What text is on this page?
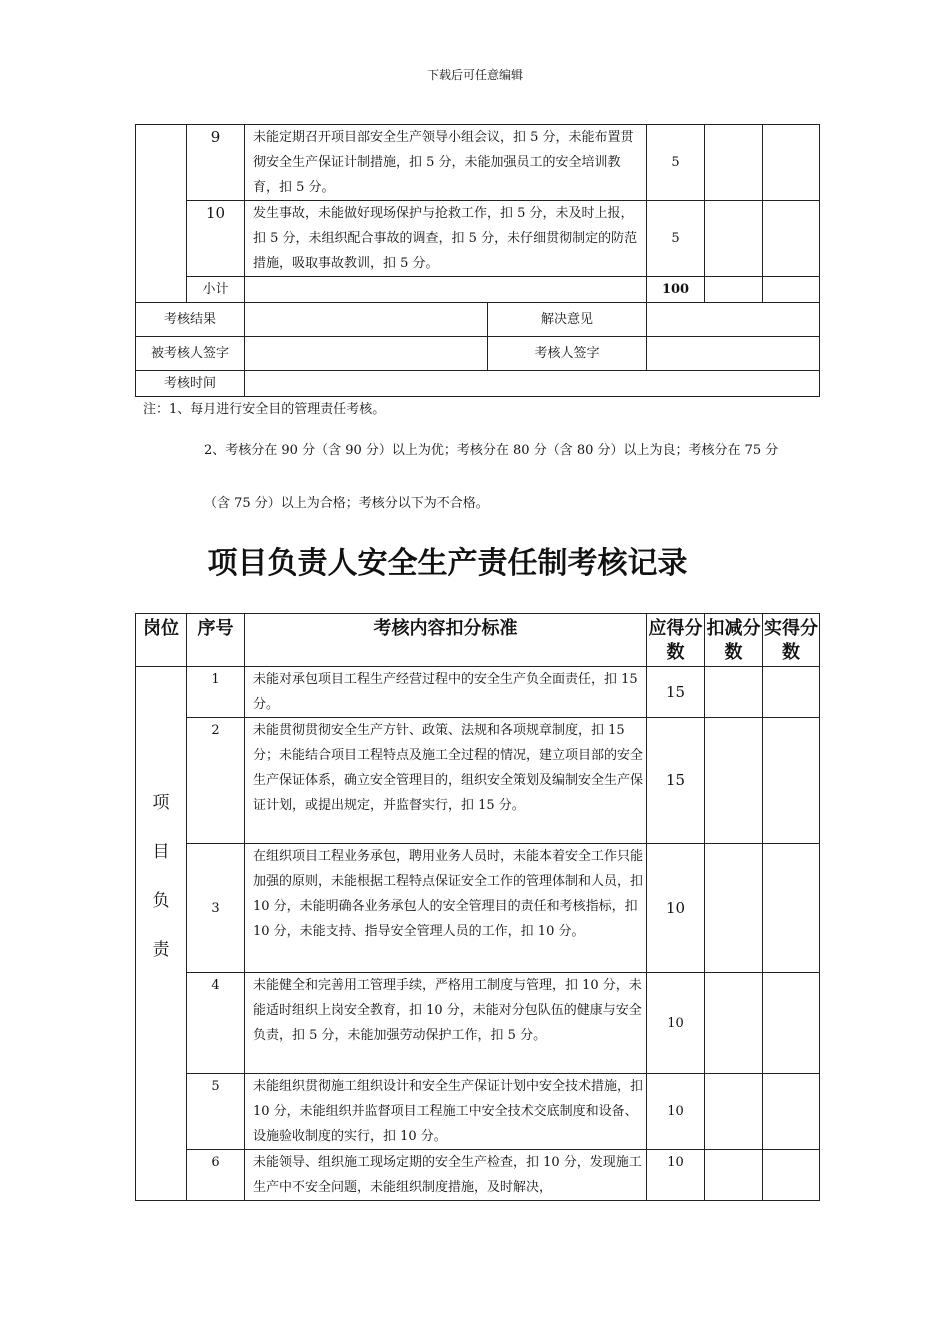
下载后可任意编辑
	9	未能定期召开项目部安全生产领导小组会议，扣 5 分，未能布置贯彻安全生产保证计制措施，扣 5 分，未能加强员工的安全培训教育，扣 5 分。		5		
	10	发生事故，未能做好现场保护与抢救工作，扣 5 分，未及时上报，扣 5 分，未组织配合事故的调查，扣 5 分，未仔细贯彻制定的防范措施，吸取事故教训，扣 5 分。		5		
	小计			100		
考核结果			解决意见			
被考核人签字			考核人签字			
考核时间						
注：1、每月进行安全目的管理责任考核。
2、考核分在 90 分（含 90 分）以上为优；考核分在 80 分（含 80 分）以上为良；考核分在 75 分
（含 75 分）以上为合格；考核分以下为不合格。
项目负责人安全生产责任制考核记录
岗位	序号	考核内容扣分标准	应得分数	扣减分数	实得分数

项目负责	1	未能对承包项目工程生产经营过程中的安全生产负全面责任，扣 15 分。	15		
	2	未能贯彻贯彻安全生产方针、政策、法规和各项规章制度，扣 15 分；未能结合项目工程特点及施工全过程的情况，建立项目部的安全生产保证体系，确立安全管理目的，组织安全策划及编制安全生产保证计划，或提出规定，并监督实行，扣 15 分。	15		
	3	在组织项目工程业务承包，聘用业务人员时，未能本着安全工作只能加强的原则，未能根据工程特点保证安全工作的管理体制和人员，扣 10 分，未能明确各业务承包人的安全管理目的责任和考核指标，扣 10 分，未能支持、指导安全管理人员的工作，扣 10 分。	10		
	4	未能健全和完善用工管理手续，严格用工制度与管理，扣 10 分，未能适时组织上岗安全教育，扣 10 分，未能对分包队伍的健康与安全负责，扣 5 分，未能加强劳动保护工作，扣 5 分。	10		
	5	未能组织贯彻施工组织设计和安全生产保证计划中安全技术措施，扣 10 分，未能组织并监督项目工程施工中安全技术交底制度和设备、设施验收制度的实行，扣 10 分。	10		
	6	未能领导、组织施工现场定期的安全生产检查，扣 10 分，发现施工生产中不安全问题，未能组织制度措施，及时解决，	10		
